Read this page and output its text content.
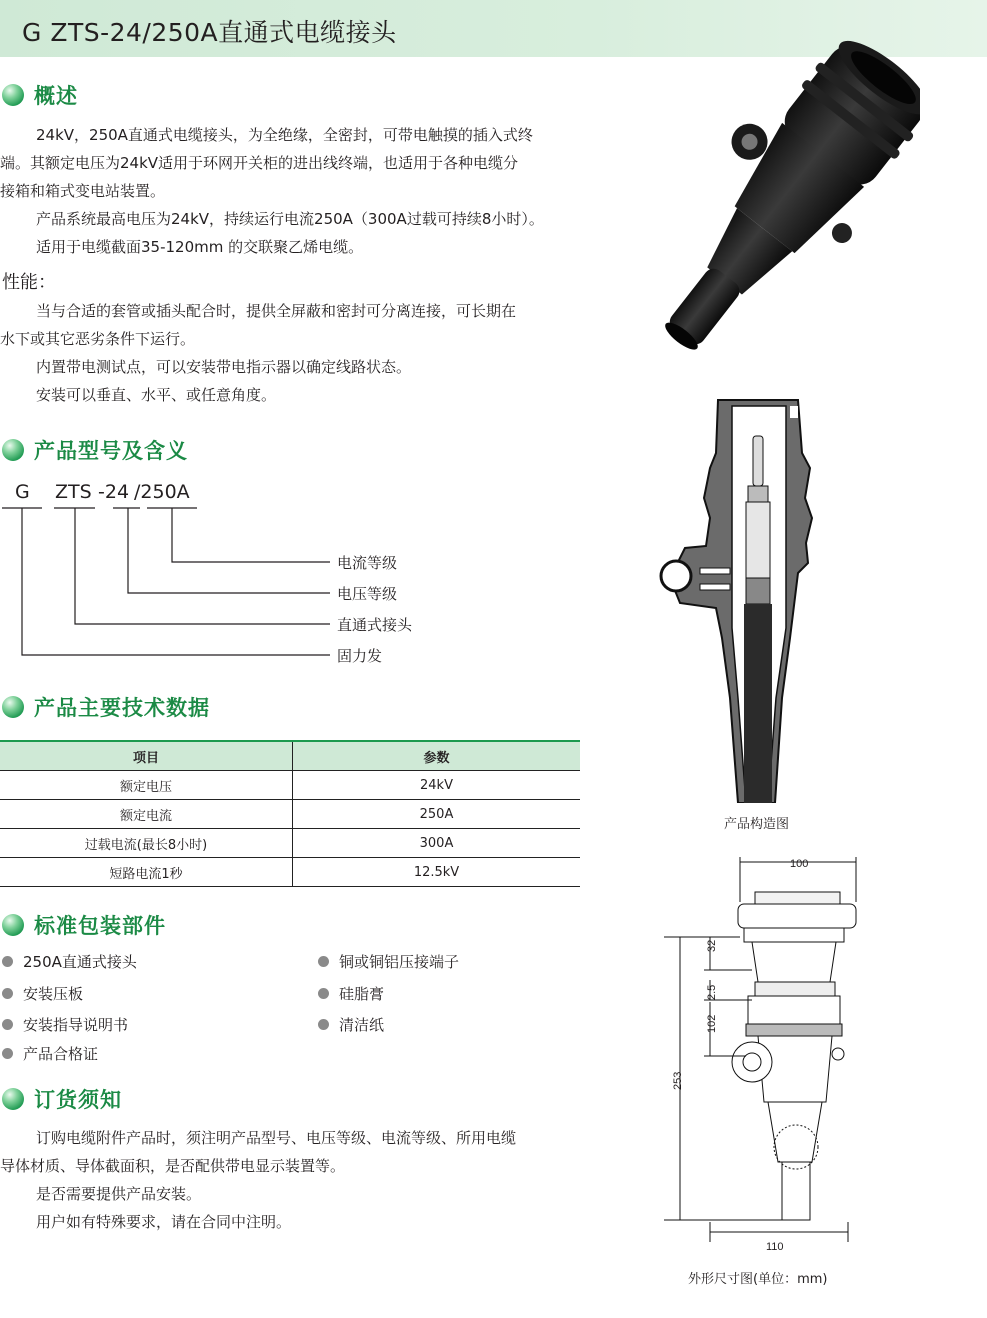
G ZTS-24/250A直通式电缆接头
概述
24kV，250A直通式电缆接头，为全绝缘，全密封，可带电触摸的插入式终
端。其额定电压为24kV适用于环网开关柜的进出线终端，也适用于各种电缆分
接箱和箱式变电站装置。
产品系统最高电压为24kV，持续运行电流250A（300A过载可持续8小时）。
适用于电缆截面35-120mm 的交联聚乙烯电缆。
性能：
当与合适的套管或插头配合时，提供全屏蔽和密封可分离连接，可长期在
水下或其它恶劣条件下运行。
内置带电测试点，可以安装带电指示器以确定线路状态。
安装可以垂直、水平、或任意角度。
产品型号及含义
G ZTS -24 /250A
电流等级
电压等级
直通式接头
固力发
产品主要技术数据
项目	参数
额定电压	24kV
额定电流	250A
过载电流(最长8小时)	300A
短路电流1秒	12.5kV
标准包装部件
250A直通式接头
安装压板
安装指导说明书
产品合格证
铜或铜铝压接端子
硅脂膏
清洁纸
订货须知
订购电缆附件产品时，须注明产品型号、电压等级、电流等级、所用电缆
导体材质、导体截面积，是否配供带电显示装置等。
是否需要提供产品安装。
用户如有特殊要求，请在合同中注明。
产品构造图
100
32
2.5
102
253
110
外形尺寸图(单位：mm)
